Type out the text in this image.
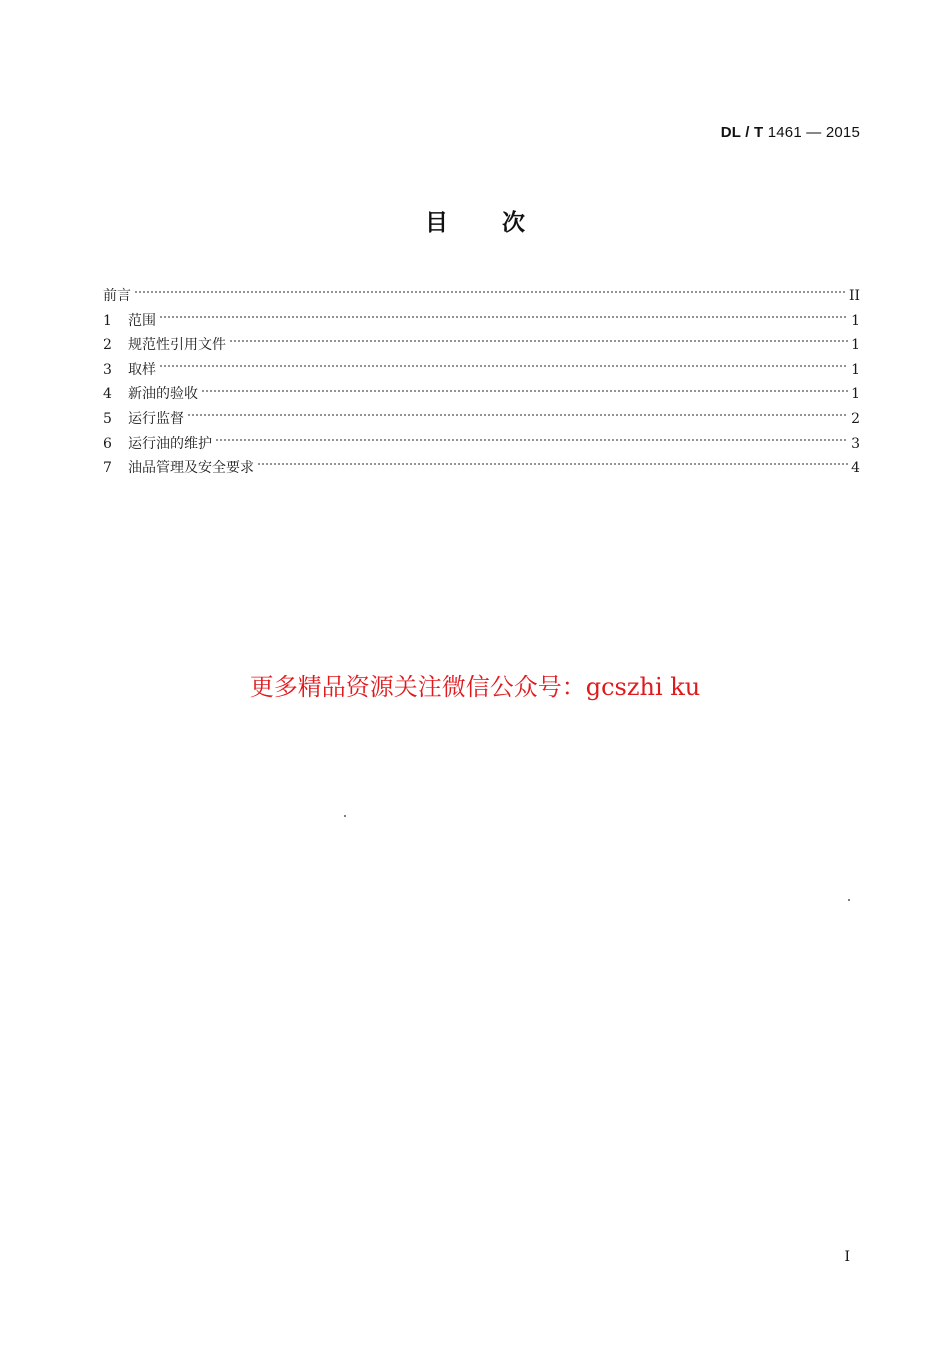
DL / T 1461 — 2015
目 次
前言	II
1	范围	1
2	规范性引用文件	1
3	取样	1
4	新油的验收	1
5	运行监督	2
6	运行油的维护	3
7	油品管理及安全要求	4
更多精品资源关注微信公众号：gcszhi ku
I
